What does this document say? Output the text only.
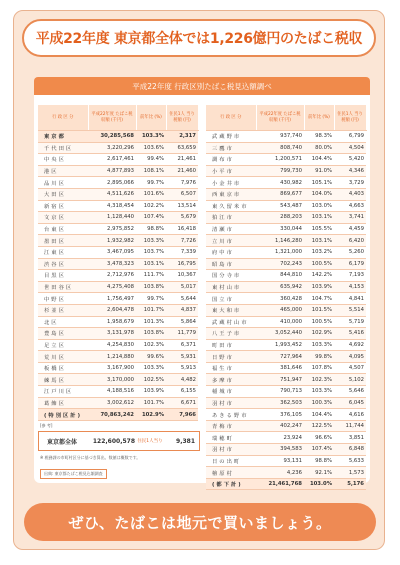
平成22年度 東京都全体では1,226億円のたばこ税収
平成22年度 行政区別たばこ税見込額調べ
行 政 区 分	平成22年度 たばこ税収額 (千円)	前年比 (%)	住民1人 当り税額 (円)
東京都	30,285,568	103.3%	2,317
千代田区	3,220,296	103.6%	63,659
中央区	2,617,461	99.4%	21,461
港区	4,877,893	108.1%	21,460
品川区	2,895,066	99.7%	7,976
大田区	4,511,626	101.6%	6,507
新宿区	4,318,454	102.2%	13,514
文京区	1,128,440	107.4%	5,679
台東区	2,975,852	98.8%	16,418
墨田区	1,932,982	103.3%	7,726
江東区	3,467,095	103.7%	7,339
渋谷区	3,478,323	103.1%	16,795
目黒区	2,712,976	111.7%	10,367
世田谷区	4,275,408	103.8%	5,017
中野区	1,756,497	99.7%	5,644
杉並区	2,604,478	101.7%	4,837
北区	1,958,679	101.3%	5,864
豊島区	3,131,978	103.8%	11,779
足立区	4,254,830	102.3%	6,371
荒川区	1,214,880	99.6%	5,931
板橋区	3,167,900	103.3%	5,913
練馬区	3,170,000	102.5%	4,482
江戸川区	4,188,516	103.9%	6,155
葛飾区	3,002,612	101.7%	6,671
(特別区計)	70,863,242	102.9%	7,966
行 政 区 分	平成22年度 たばこ税収額 (千円)	前年比 (%)	住民1人 当り税額 (円)
武蔵野市	937,740	98.3%	6,799
三鷹市	808,740	80.0%	4,504
調布市	1,200,571	104.4%	5,420
小平市	799,730	91.0%	4,346
小金井市	430,982	105.1%	3,729
西東京市	869,677	104.0%	4,403
東久留米市	543,487	103.0%	4,663
狛江市	288,203	103.1%	3,741
清瀬市	330,044	105.5%	4,459
立川市	1,146,280	103.1%	6,420
府中市	1,321,000	103.2%	5,260
昭島市	702,243	100.5%	6,179
国分寺市	844,810	142.2%	7,193
東村山市	635,942	103.9%	4,153
国立市	360,428	104.7%	4,841
東大和市	465,000	101.5%	5,514
武蔵村山市	410,000	100.5%	5,719
八王子市	3,052,440	102.9%	5,416
町田市	1,993,452	103.3%	4,692
日野市	727,964	99.8%	4,095
福生市	381,646	107.8%	4,507
多摩市	751,947	102.3%	5,102
稲城市	790,713	103.3%	5,646
羽村市	362,503	100.3%	6,045
あきる野市	376,105	104.4%	4,616
青梅市	402,247	122.5%	11,744
瑞穂町	23,924	96.6%	3,851
羽村市	394,583	107.4%	6,848
日の出町	93,131	98.8%	5,633
檜原村	4,236	92.1%	1,573
(都下計)	21,461,768	103.0%	5,176
[参 考]
東京都全体	122,600,578 住民1人当り	9,381
※ 税務課の市町村区分に基づき算出。数値は概数です。
出典: 東京都たばこ税見込額調査
ぜひ、たばこは地元で買いましょう。
